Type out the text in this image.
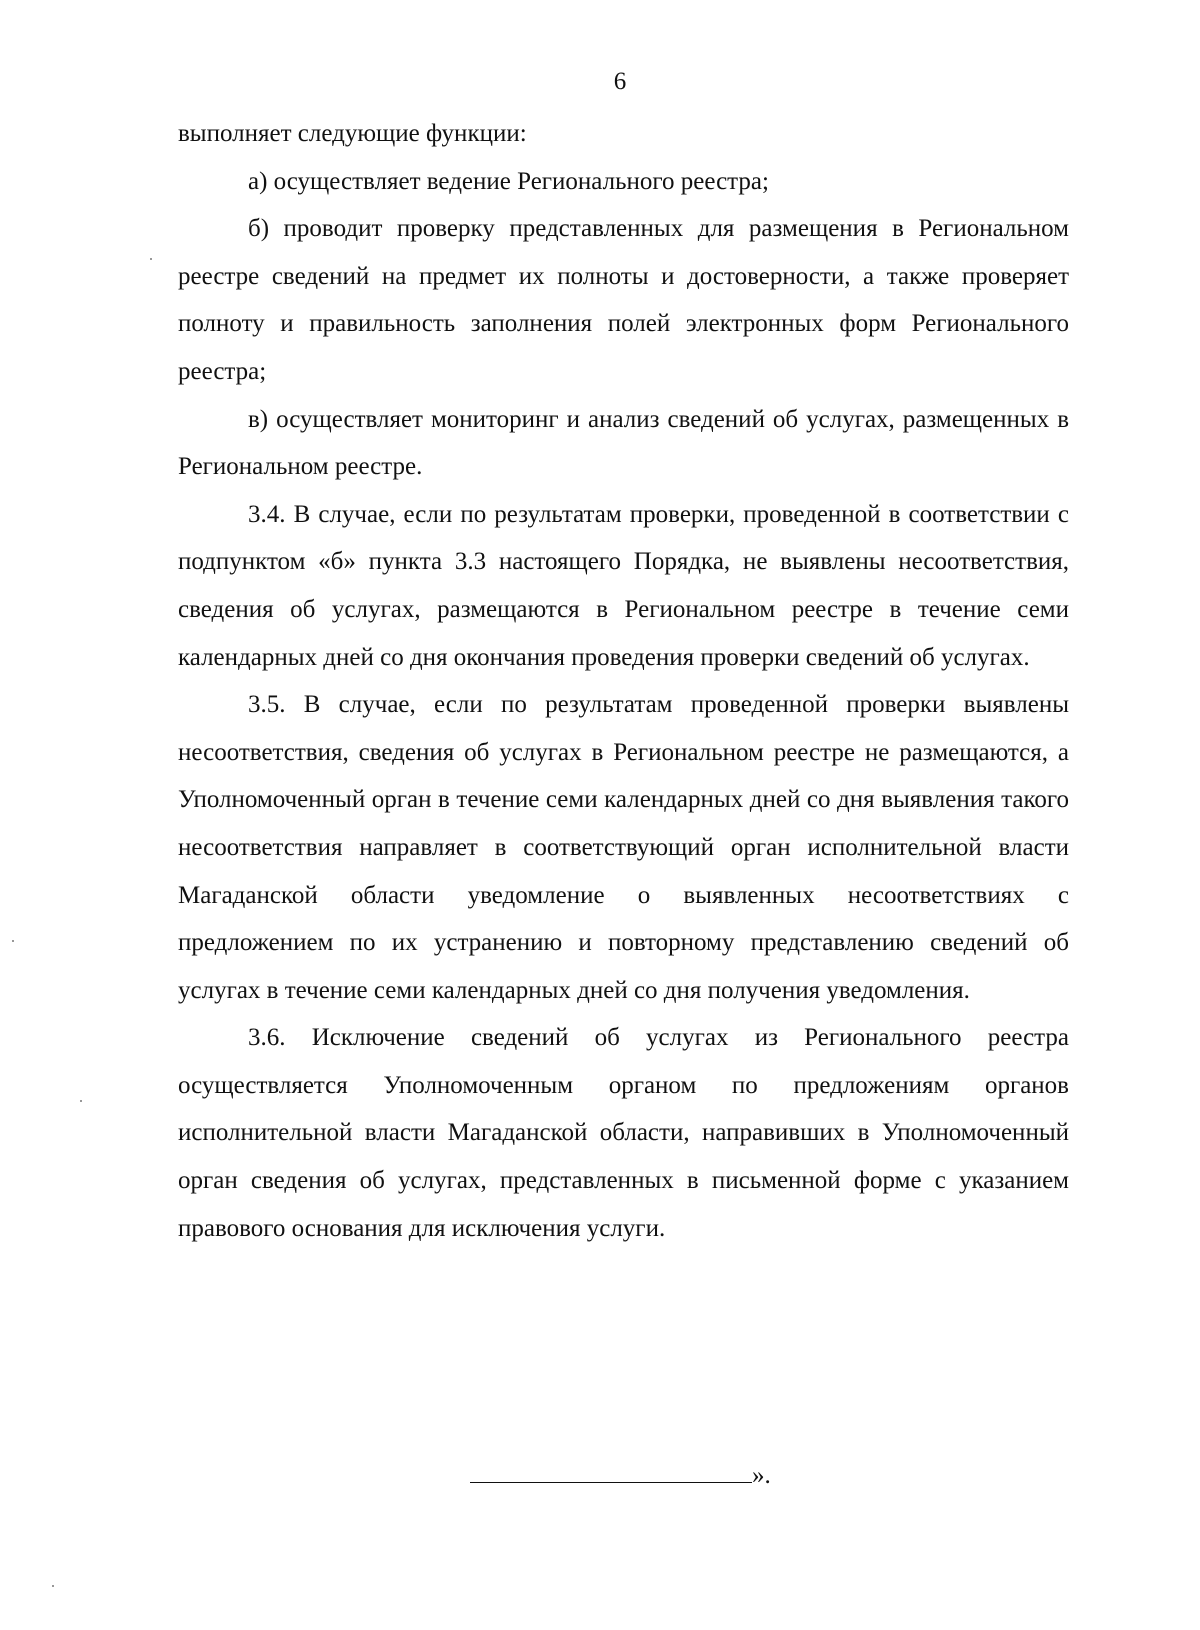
6

выполняет следующие функции:

а) осуществляет ведение Регионального реестра;

б) проводит проверку представленных для размещения в Региональном реестре сведений на предмет их полноты и достоверности, а также проверяет полноту и правильность заполнения полей электронных форм Регионального реестра;

в) осуществляет мониторинг и анализ сведений об услугах, размещенных в Региональном реестре.

3.4. В случае, если по результатам проверки, проведенной в соответствии с подпунктом «б» пункта 3.3 настоящего Порядка, не выявлены несоответствия, сведения об услугах, размещаются в Региональном реестре в течение семи календарных дней со дня окончания проведения проверки сведений об услугах.

3.5. В случае, если по результатам проведенной проверки выявлены несоответствия, сведения об услугах в Региональном реестре не размещаются, а Уполномоченный орган в течение семи календарных дней со дня выявления такого несоответствия направляет в соответствующий орган исполнительной власти Магаданской области уведомление о выявленных несоответствиях с предложением по их устранению и повторному представлению сведений об услугах в течение семи календарных дней со дня получения уведомления.

3.6. Исключение сведений об услугах из Регионального реестра осуществляется Уполномоченным органом по предложениям органов исполнительной власти Магаданской области, направивших в Уполномоченный орган сведения об услугах, представленных в письменной форме с указанием правового основания для исключения услуги.

».
